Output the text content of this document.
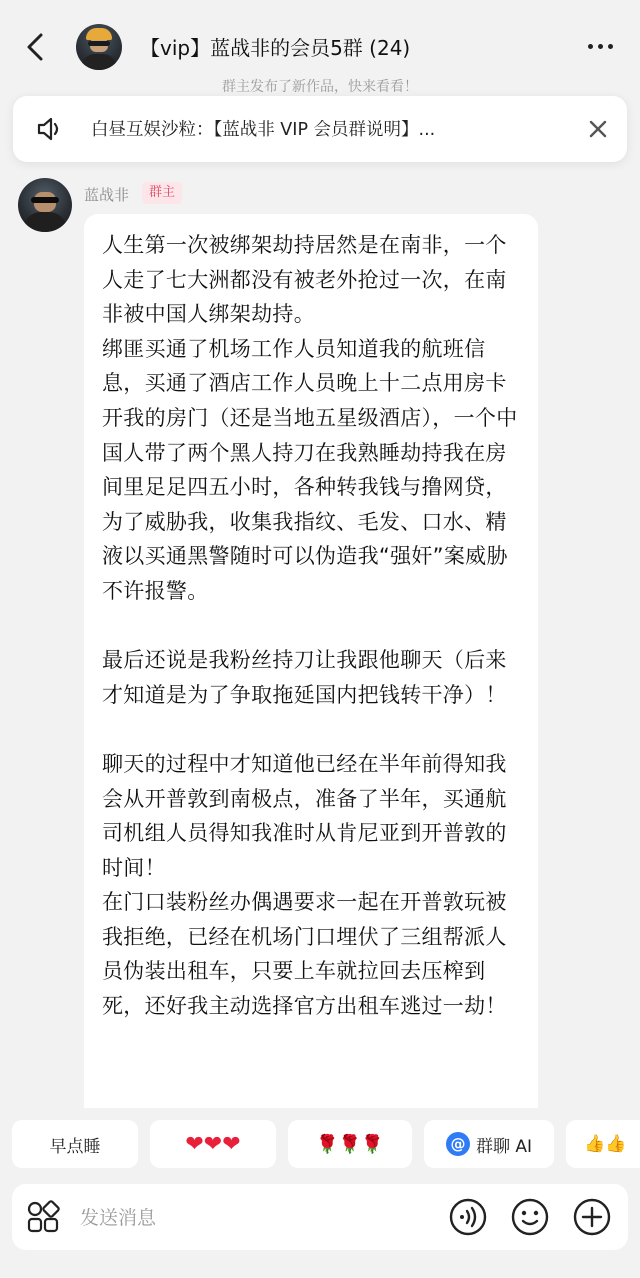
【vip】蓝战非的会员5群 (24)
群主发布了新作品，快来看看！
白昼互娱沙粒：【蓝战非 VIP 会员群说明】...
蓝战非	群主
人生第一次被绑架劫持居然是在南非，一个人走了七大洲都没有被老外抢过一次，在南非被中国人绑架劫持。
绑匪买通了机场工作人员知道我的航班信息，买通了酒店工作人员晚上十二点用房卡开我的房门（还是当地五星级酒店），一个中国人带了两个黑人持刀在我熟睡劫持我在房间里足足四五小时，各种转我钱与撸网贷，为了威胁我，收集我指纹、毛发、口水、精液以买通黑警随时可以伪造我“强奸”案威胁不许报警。

最后还说是我粉丝持刀让我跟他聊天（后来才知道是为了争取拖延国内把钱转干净）！

聊天的过程中才知道他已经在半年前得知我会从开普敦到南极点，准备了半年，买通航司机组人员得知我准时从肯尼亚到开普敦的时间！
在门口装粉丝办偶遇要求一起在开普敦玩被我拒绝，已经在机场门口埋伏了三组帮派人员伪装出租车，只要上车就拉回去压榨到死，还好我主动选择官方出租车逃过一劫！
早点睡	❤❤❤	🌹🌹🌹	@ 群聊 AI	👍👍
发送消息
